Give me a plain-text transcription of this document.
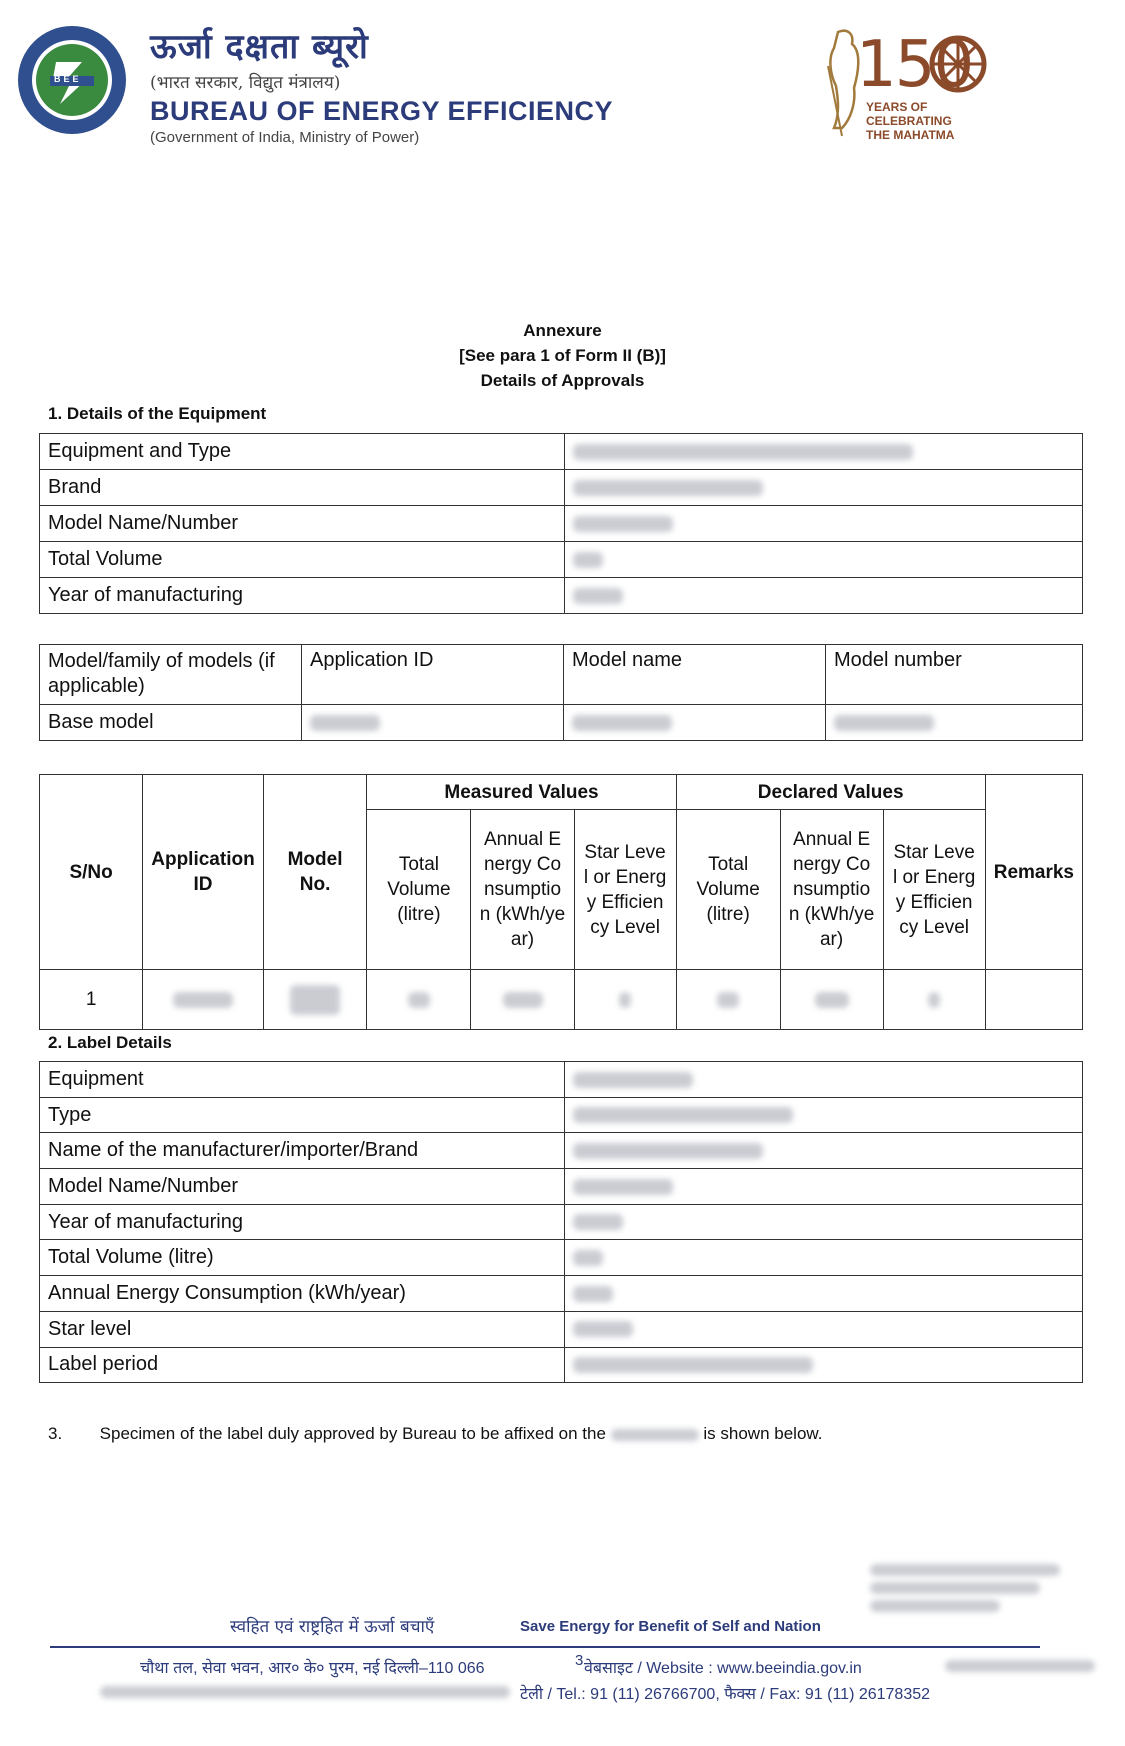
BEE
ऊर्जा दक्षता ब्यूरो
(भारत सरकार, विद्युत मंत्रालय)
BUREAU OF ENERGY EFFICIENCY
(Government of India, Ministry of Power)
150
YEARS OF
CELEBRATING
THE MAHATMA
Annexure
[See para 1 of Form II (B)]
Details of Approvals
1. Details of the Equipment
Equipment and Type	
Brand	
Model Name/Number	
Total Volume	
Year of manufacturing	
Model/family of models (if applicable)	Application ID	Model name	Model number
Base model			
S/No	Application ID	Model No.	Measured Values			Declared Values			Remarks
			Total Volume (litre)	Annual Energy Consumption (kWh/year)	Star Level or Energy Efficiency Level	Total Volume (litre)	Annual Energy Consumption (kWh/year)	Star Level or Energy Efficiency Level	
1									
2. Label Details
Equipment	
Type	
Name of the manufacturer/importer/Brand	
Model Name/Number	
Year of manufacturing	
Total Volume (litre)	
Annual Energy Consumption (kWh/year)	
Star level	
Label period	
3. Specimen of the label duly approved by Bureau to be affixed on the	is shown below.
स्वहित एवं राष्ट्रहित में ऊर्जा बचाएँ	Save Energy for Benefit of Self and Nation
चौथा तल, सेवा भवन, आर० के० पुरम, नई दिल्ली–110 066	3 वेबसाइट / Website : www.beeindia.gov.in
टेली / Tel.: 91 (11) 26766700, फैक्स / Fax: 91 (11) 26178352
